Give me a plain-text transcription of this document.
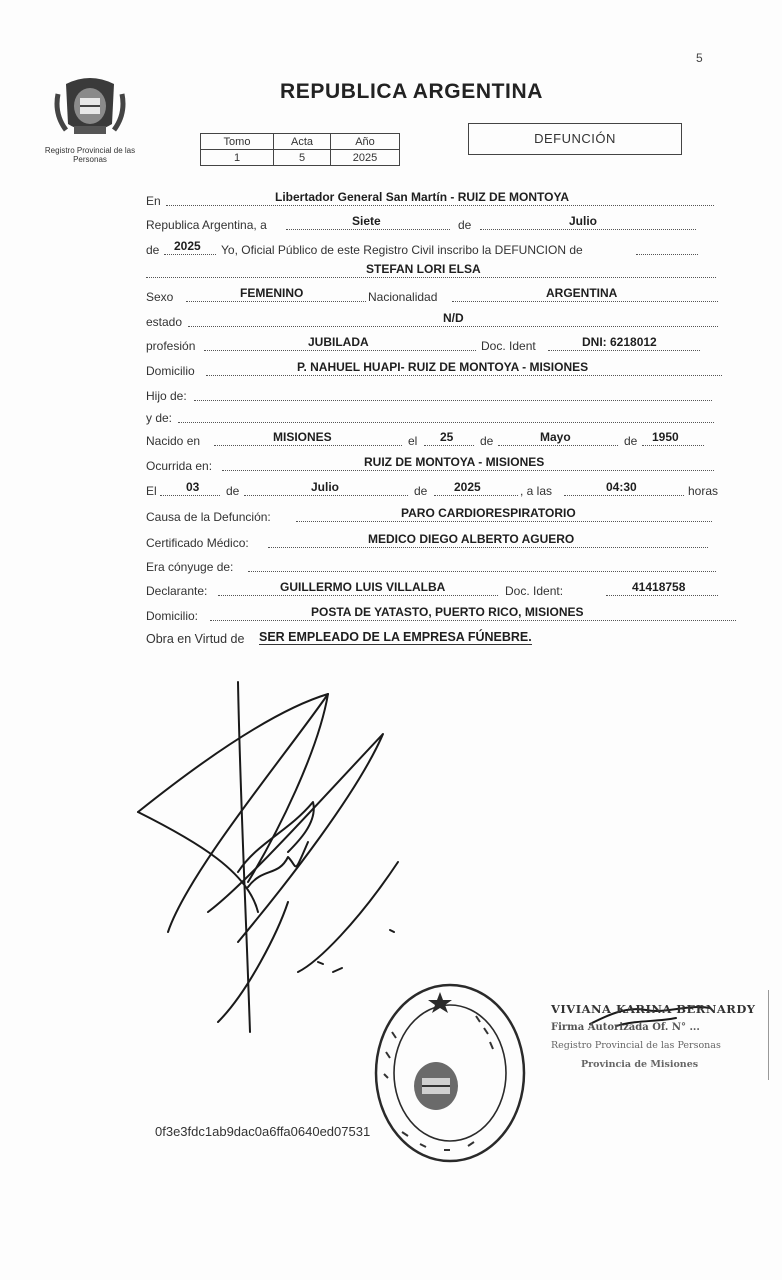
5
Registro Provincial de las Personas
REPUBLICA ARGENTINA
Tomo	Acta	Año
1	5	2025
DEFUNCIÓN
En	Libertador General San Martín - RUIZ DE MONTOYA
Republica Argentina, a	Siete	de	Julio
de 2025 Yo, Oficial Público de este Registro Civil inscribo la DEFUNCION de
STEFAN LORI ELSA
Sexo	FEMENINO	Nacionalidad	ARGENTINA
estado	N/D
profesión	JUBILADA	Doc. Ident	DNI: 6218012
Domicilio	P. NAHUEL HUAPI- RUIZ DE MONTOYA - MISIONES
Hijo de:
y de:
Nacido en	MISIONES	el 25 de	Mayo	de 1950
Ocurrida en:	RUIZ DE MONTOYA - MISIONES
El 03 de	Julio	de 2025	, a las	04:30	horas
Causa de la Defunción:	PARO CARDIORESPIRATORIO
Certificado Médico:	MEDICO DIEGO ALBERTO AGUERO
Era cónyuge de:
Declarante:	GUILLERMO LUIS VILLALBA	Doc. Ident:	41418758
Domicilio:	POSTA DE YATASTO, PUERTO RICO, MISIONES
Obra en Virtud de SER EMPLEADO DE LA EMPRESA FÚNEBRE.
0f3e3fdc1ab9dac0a6ffa0640ed07531
VIVIANA KARINA BERNARDY
Firma Autorizada Of. N° ...
Registro Provincial de las Personas
Provincia de Misiones
